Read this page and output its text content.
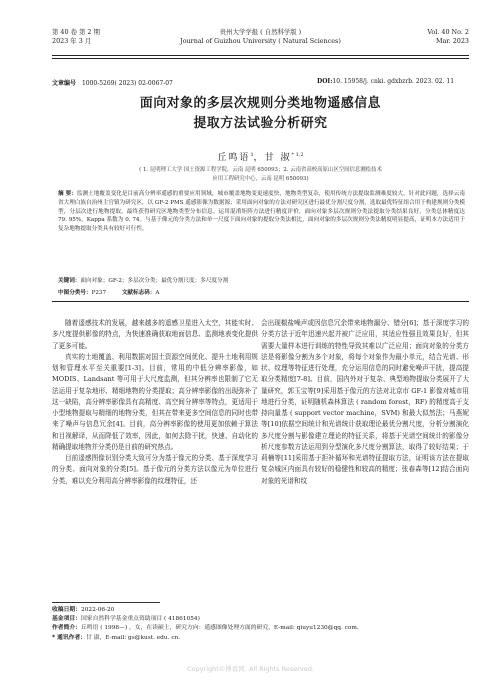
第 40 卷 第 2 期
2023 年 3 月
贵州大学学报 ( 自然科学版 )
Journal of Guizhou University ( Natural Sciences)
Vol. 40 No. 2
Mar. 2023
文章编号 1000-5269( 2023) 02-0067-07	DOI:10. 15958/j. cnki. gdxbzrb. 2023. 02. 11
面向对象的多层次规则分类地物遥感信息
提取方法试验分析研究
丘鸣语$^1$，甘 淑$^{* 1,2}$
( 1. 昆明理工大学 国土资源工程学院，云南 昆明 650093；2. 云南省高校高原山区空间信息测绘技术
应用工程研究中心，云南 昆明 650093)
摘 要：监测土地覆盖变化是目前高分辨率遥感的重要应用领域，城市覆盖地物变更速度快，地物类型复杂，使用传统方法提取监测难度较大。针对此问题，选择云南省大理白族自治州主官镇为研究区，以 GF-2 PMS 遥感影像为数据源；采用面向对象的方法对研究区进行最优分割尺度分割，选取最优特征组合用于构建规则分类模型，分层次进行地物提取，最终获得研究区地物类型分布信息。运用混淆矩阵方法进行精度评价，面向对象多层次规则分类法提取分类结果良好，分类总体精度达 79. 95%，Kappa 系数为 0. 74。与基于像元的分类方法和单一尺度下面向对象的提取分类法相比，面向对象的多层次规则分类法精度明显提高，证明本方法适用于复杂地物提取分类具有较好可行性。
关键词：面向对象；GF-2；多层次分类；最优分割尺度；多尺度分割
中图分类号：P237	文献标志码：A

随着遥感技术的发展，越来越多的遥感卫星进入太空，其能实时、多尺度提供影像的特点，为快速准确获取地面信息、监测地表变化提供了更多可能。

真实的土地覆盖、利用数据对国土资源空间优化、提升土地利用规划和管理水平至关重要[1-3]。目前，常用的中低分辨率影像，如 MODIS、Landsant 等可用于大尺度监测，但其分辨率也限制了它无法运用于复杂地形、精细地物的分类提取；高分辨率影像的出现弥补了这一缺陷，高分辨率影像具有高精度、高空间分辨率等特点，更适用于小型地物提取与精细的地物分类，但其在带来更多空间信息的同时也带来了噪声与信息冗余[4]。目前，高分辨率影像的使用更加依赖于算法和目视解译，从而降低了效率，因此，如何去除干扰，快速、自动化的精确提取地物并分类仍是目前的研究热点。

目前遥感图像识别分类大致可分为基于像元的分类、基于深度学习的分类、面向对象的分类[5]。基于像元的分类方法以像元为单位进行分类，难以充分利用高分辨率影像的纹理特征，还

会出现椒盐噪声或因信息冗余带来地物漏分、错分[6]；基于深度学习的分类方法于近年迅速兴起并被广泛应用，其适应性强且效果良好，但其需要大量样本进行训练的特性导致其难以广泛应用；面向对象的分类方法是将影像分割为多个对象，将每个对象作为最小单元，结合光谱、形状、纹理等特征进行处理，充分运用信息的同时避免噪声干扰，提高提取分类精度[7-8]。目前，国内外对于复杂、典型地物提取分类展开了大量研究，郭玉宝等[9]采用基于像元的方法对北京市 GF-1 影像对城市用地进行分类，证明随机森林算法 ( random forest，RF) 的精度高于支持向量基 ( support vector machine，SVM) 和最大似然法；马燕妮等[10]依据空间统计和光谱统计获取理论最优分割尺度，分析分割演化多尺度分割与影像建立理论的特征关系，将基于光谱空间统计的影像分析尺度参数方法运用到分型演化多尺度分割算法，取得了较好结果；于莉楠等[11]采用基于拒补循环和光谱特征提取方法，证明该方法在提取复杂城区内面具有较好的稳健性和较高的精度；张春森等[12]结合面向对象的光谱和纹

收稿日期：2022-06-20
基金项目：国家自然科学基金重点资助项目 ( 41861054)
作者简介：丘鸣语 ( 1998—) ，女，在读硕士，研究方向：遥感图像处理方面的研究，E-mail: qiuyu1230@qq. com.
* 通讯作者：甘 淑，E-mail: gs@kust. edu. cn.
Copyright©博看网. All Rights Reserved.
